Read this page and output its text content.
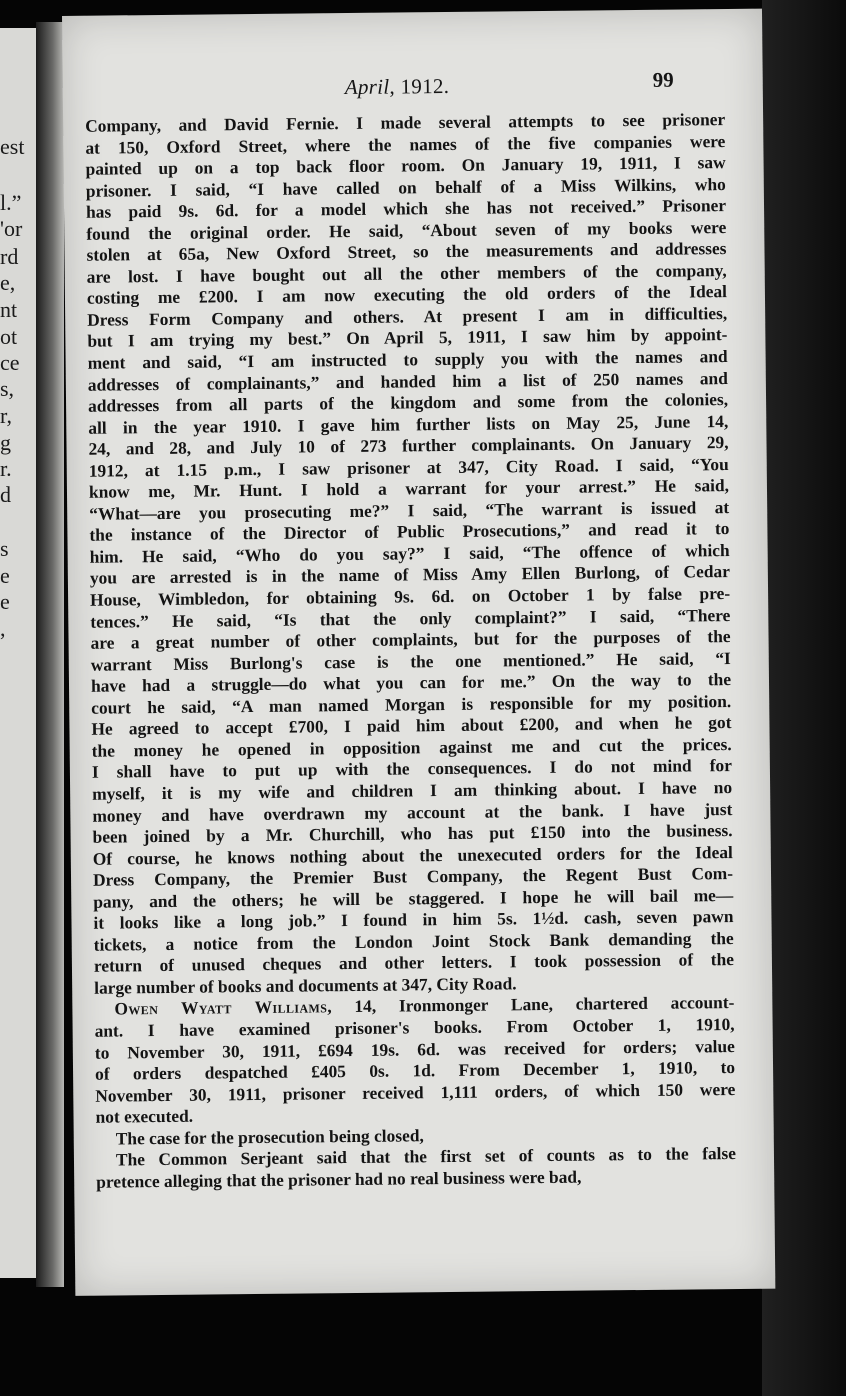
est
l.”
'or
rd
e,
nt
ot
ce
s,
r,
g
r.
d
s
e
e
,
April, 1912.	99
Company, and David Fernie. I made several attempts to see prisoner
at 150, Oxford Street, where the names of the five companies were
painted up on a top back floor room. On January 19, 1911, I saw
prisoner. I said, “I have called on behalf of a Miss Wilkins, who
has paid 9s. 6d. for a model which she has not received.” Prisoner
found the original order. He said, “About seven of my books were
stolen at 65a, New Oxford Street, so the measurements and addresses
are lost. I have bought out all the other members of the company,
costing me £200. I am now executing the old orders of the Ideal
Dress Form Company and others. At present I am in difficulties,
but I am trying my best.” On April 5, 1911, I saw him by appoint-
ment and said, “I am instructed to supply you with the names and
addresses of complainants,” and handed him a list of 250 names and
addresses from all parts of the kingdom and some from the colonies,
all in the year 1910. I gave him further lists on May 25, June 14,
24, and 28, and July 10 of 273 further complainants. On January 29,
1912, at 1.15 p.m., I saw prisoner at 347, City Road. I said, “You
know me, Mr. Hunt. I hold a warrant for your arrest.” He said,
“What—are you prosecuting me?” I said, “The warrant is issued at
the instance of the Director of Public Prosecutions,” and read it to
him. He said, “Who do you say?” I said, “The offence of which
you are arrested is in the name of Miss Amy Ellen Burlong, of Cedar
House, Wimbledon, for obtaining 9s. 6d. on October 1 by false pre-
tences.” He said, “Is that the only complaint?” I said, “There
are a great number of other complaints, but for the purposes of the
warrant Miss Burlong's case is the one mentioned.” He said, “I
have had a struggle—do what you can for me.” On the way to the
court he said, “A man named Morgan is responsible for my position.
He agreed to accept £700, I paid him about £200, and when he got
the money he opened in opposition against me and cut the prices.
I shall have to put up with the consequences. I do not mind for
myself, it is my wife and children I am thinking about. I have no
money and have overdrawn my account at the bank. I have just
been joined by a Mr. Churchill, who has put £150 into the business.
Of course, he knows nothing about the unexecuted orders for the Ideal
Dress Company, the Premier Bust Company, the Regent Bust Com-
pany, and the others; he will be staggered. I hope he will bail me—
it looks like a long job.” I found in him 5s. 1½d. cash, seven pawn
tickets, a notice from the London Joint Stock Bank demanding the
return of unused cheques and other letters. I took possession of the
large number of books and documents at 347, City Road.
Owen Wyatt Williams, 14, Ironmonger Lane, chartered account-
ant. I have examined prisoner's books. From October 1, 1910,
to November 30, 1911, £694 19s. 6d. was received for orders; value
of orders despatched £405 0s. 1d. From December 1, 1910, to
November 30, 1911, prisoner received 1,111 orders, of which 150 were
not executed.
The case for the prosecution being closed,
The Common Serjeant said that the first set of counts as to the false
pretence alleging that the prisoner had no real business were bad,
